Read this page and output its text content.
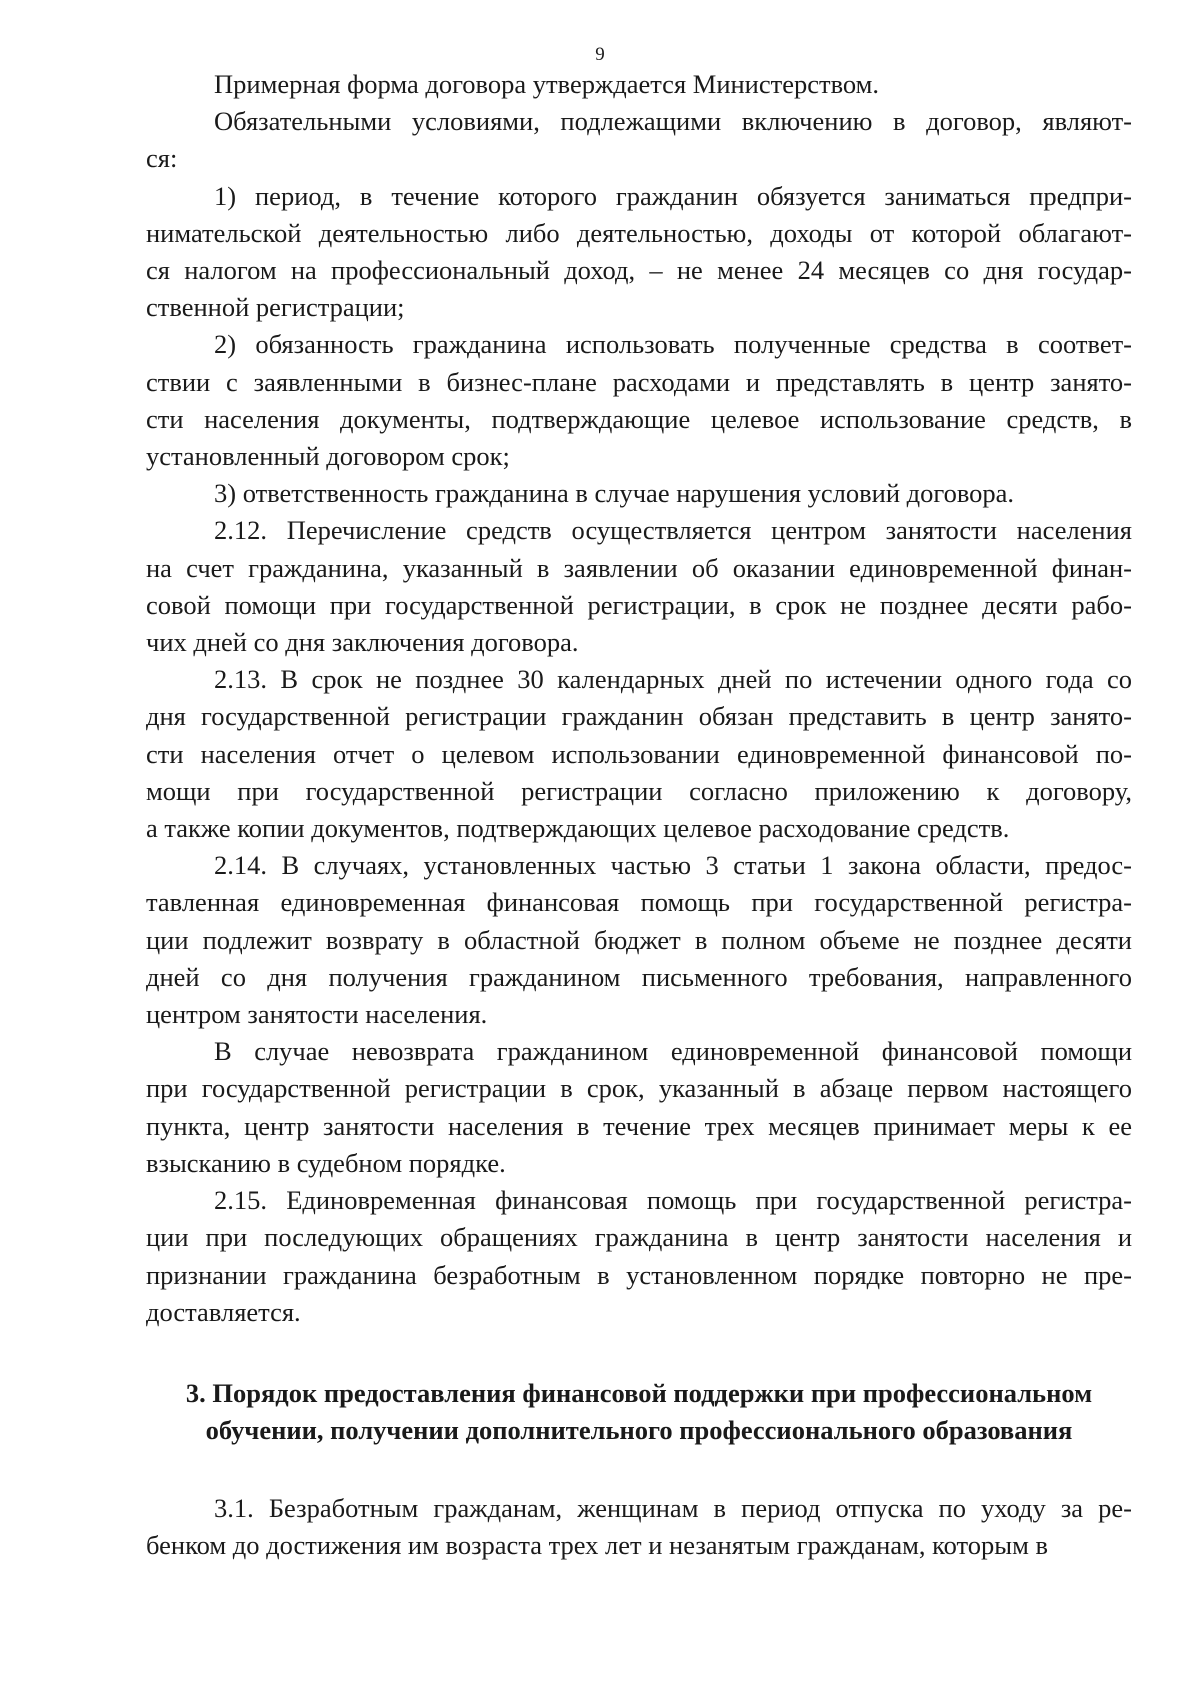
9
Примерная форма договора утверждается Министерством.
Обязательными условиями, подлежащими включению в договор, являют-
ся:
1) период, в течение которого гражданин обязуется заниматься предпри-
нимательской деятельностью либо деятельностью, доходы от которой облагают-
ся налогом на профессиональный доход, – не менее 24 месяцев со дня государ-
ственной регистрации;
2) обязанность гражданина использовать полученные средства в соответ-
ствии с заявленными в бизнес-плане расходами и представлять в центр занято-
сти населения документы, подтверждающие целевое использование средств, в
установленный договором срок;
3) ответственность гражданина в случае нарушения условий договора.
2.12. Перечисление средств осуществляется центром занятости населения
на счет гражданина, указанный в заявлении об оказании единовременной финан-
совой помощи при государственной регистрации, в срок не позднее десяти рабо-
чих дней со дня заключения договора.
2.13. В срок не позднее 30 календарных дней по истечении одного года со
дня государственной регистрации гражданин обязан представить в центр занято-
сти населения отчет о целевом использовании единовременной финансовой по-
мощи при государственной регистрации согласно приложению к договору,
а также копии документов, подтверждающих целевое расходование средств.
2.14. В случаях, установленных частью 3 статьи 1 закона области, предос-
тавленная единовременная финансовая помощь при государственной регистра-
ции подлежит возврату в областной бюджет в полном объеме не позднее десяти
дней со дня получения гражданином письменного требования, направленного
центром занятости населения.
В случае невозврата гражданином единовременной финансовой помощи
при государственной регистрации в срок, указанный в абзаце первом настоящего
пункта, центр занятости населения в течение трех месяцев принимает меры к ее
взысканию в судебном порядке.
2.15. Единовременная финансовая помощь при государственной регистра-
ции при последующих обращениях гражданина в центр занятости населения и
признании гражданина безработным в установленном порядке повторно не пре-
доставляется.
3. Порядок предоставления финансовой поддержки при профессиональном
обучении, получении дополнительного профессионального образования
3.1. Безработным гражданам, женщинам в период отпуска по уходу за ре-
бенком до достижения им возраста трех лет и незанятым гражданам, которым в
